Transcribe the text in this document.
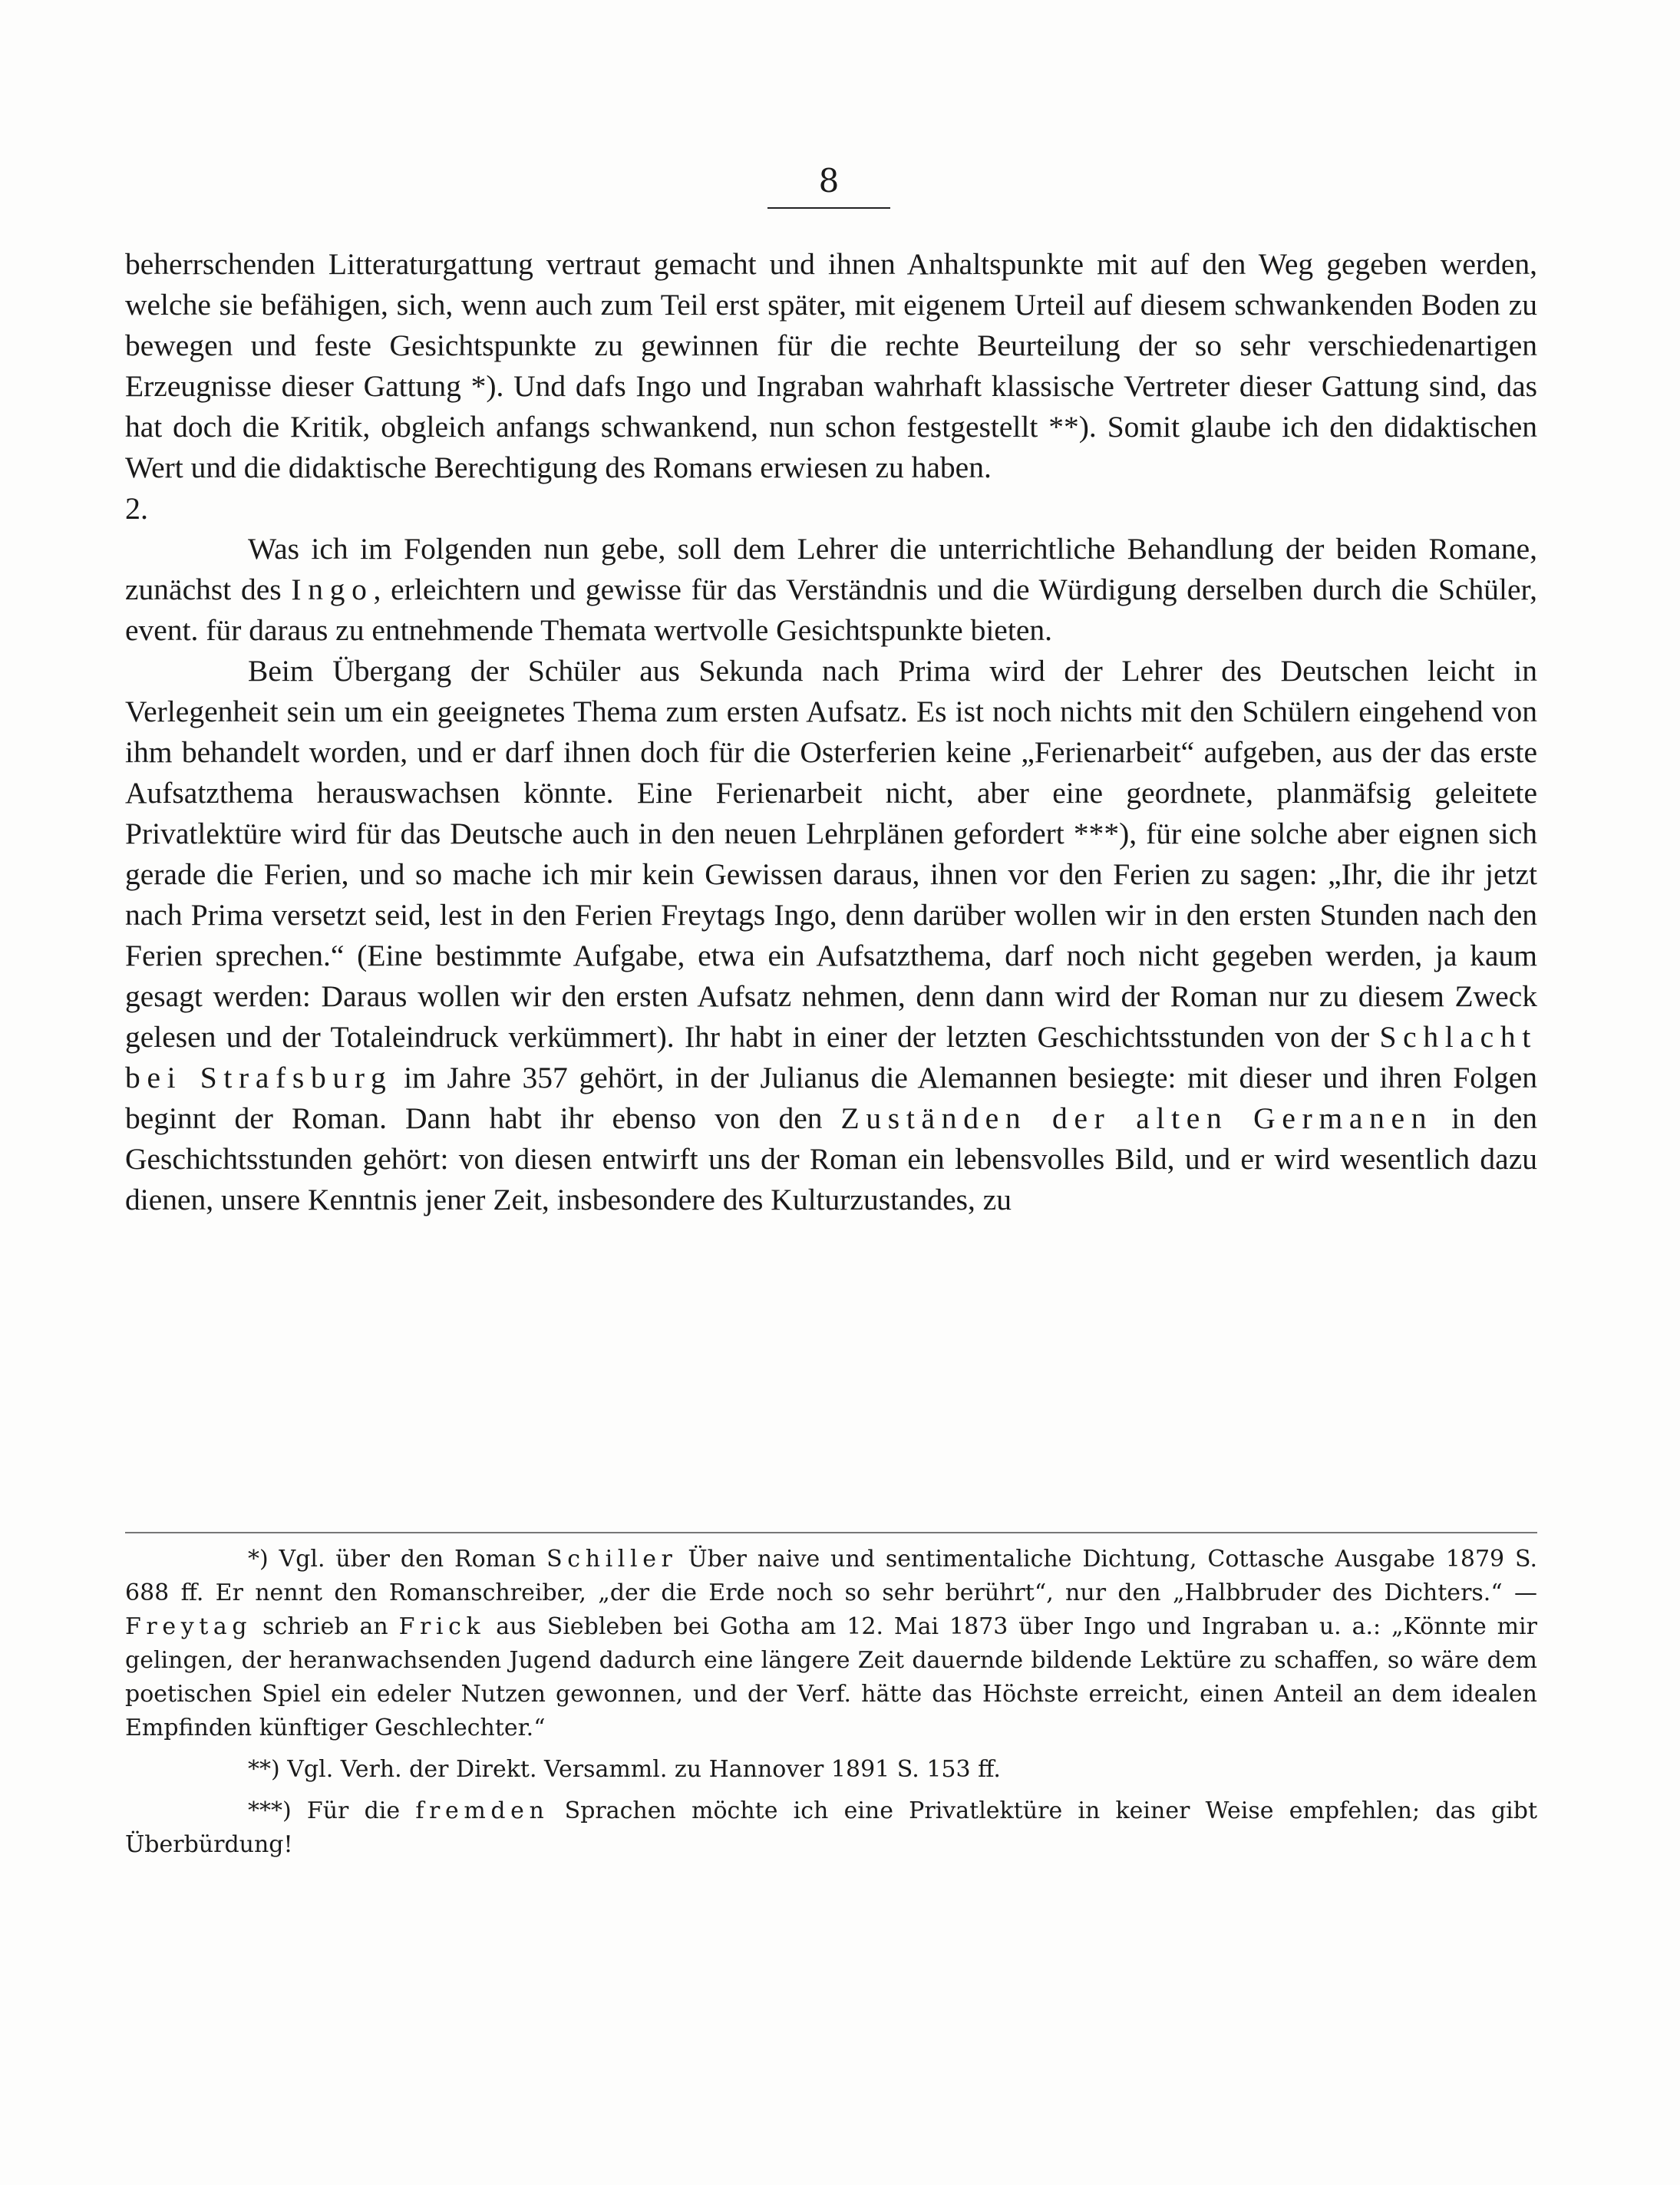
8

beherrschenden Litteraturgattung vertraut gemacht und ihnen Anhaltspunkte mit auf den Weg gegeben werden, welche sie befähigen, sich, wenn auch zum Teil erst später, mit eigenem Urteil auf diesem schwankenden Boden zu bewegen und feste Gesichtspunkte zu gewinnen für die rechte Beurteilung der so sehr verschiedenartigen Erzeugnisse dieser Gattung *). Und dafs Ingo und Ingraban wahrhaft klassische Vertreter dieser Gattung sind, das hat doch die Kritik, obgleich anfangs schwankend, nun schon festgestellt **). Somit glaube ich den didaktischen Wert und die didaktische Berechtigung des Romans erwiesen zu haben.

2.

Was ich im Folgenden nun gebe, soll dem Lehrer die unterrichtliche Behandlung der beiden Romane, zunächst des Ingo, erleichtern und gewisse für das Verständnis und die Würdigung derselben durch die Schüler, event. für daraus zu entnehmende Themata wertvolle Gesichtspunkte bieten.

Beim Übergang der Schüler aus Sekunda nach Prima wird der Lehrer des Deutschen leicht in Verlegenheit sein um ein geeignetes Thema zum ersten Aufsatz. Es ist noch nichts mit den Schülern eingehend von ihm behandelt worden, und er darf ihnen doch für die Osterferien keine „Ferienarbeit“ aufgeben, aus der das erste Aufsatzthema herauswachsen könnte. Eine Ferienarbeit nicht, aber eine geordnete, planmäfsig geleitete Privatlektüre wird für das Deutsche auch in den neuen Lehrplänen gefordert ***), für eine solche aber eignen sich gerade die Ferien, und so mache ich mir kein Gewissen daraus, ihnen vor den Ferien zu sagen: „Ihr, die ihr jetzt nach Prima versetzt seid, lest in den Ferien Freytags Ingo, denn darüber wollen wir in den ersten Stunden nach den Ferien sprechen.“ (Eine bestimmte Aufgabe, etwa ein Aufsatzthema, darf noch nicht gegeben werden, ja kaum gesagt werden: Daraus wollen wir den ersten Aufsatz nehmen, denn dann wird der Roman nur zu diesem Zweck gelesen und der Totaleindruck verkümmert). Ihr habt in einer der letzten Geschichtsstunden von der Schlacht bei Strafsburg im Jahre 357 gehört, in der Julianus die Alemannen besiegte: mit dieser und ihren Folgen beginnt der Roman. Dann habt ihr ebenso von den Zuständen der alten Germanen in den Geschichtsstunden gehört: von diesen entwirft uns der Roman ein lebensvolles Bild, und er wird wesentlich dazu dienen, unsere Kenntnis jener Zeit, insbesondere des Kulturzustandes, zu

*) Vgl. über den Roman Schiller Über naive und sentimentaliche Dichtung, Cottasche Ausgabe 1879 S. 688 ff. Er nennt den Romanschreiber, „der die Erde noch so sehr berührt“, nur den „Halbbruder des Dichters.“ — Freytag schrieb an Frick aus Siebleben bei Gotha am 12. Mai 1873 über Ingo und Ingraban u. a.: „Könnte mir gelingen, der heranwachsenden Jugend dadurch eine längere Zeit dauernde bildende Lektüre zu schaffen, so wäre dem poetischen Spiel ein edeler Nutzen gewonnen, und der Verf. hätte das Höchste erreicht, einen Anteil an dem idealen Empfinden künftiger Geschlechter.“

**) Vgl. Verh. der Direkt. Versamml. zu Hannover 1891 S. 153 ff.

***) Für die fremden Sprachen möchte ich eine Privatlektüre in keiner Weise empfehlen; das gibt Überbürdung!
